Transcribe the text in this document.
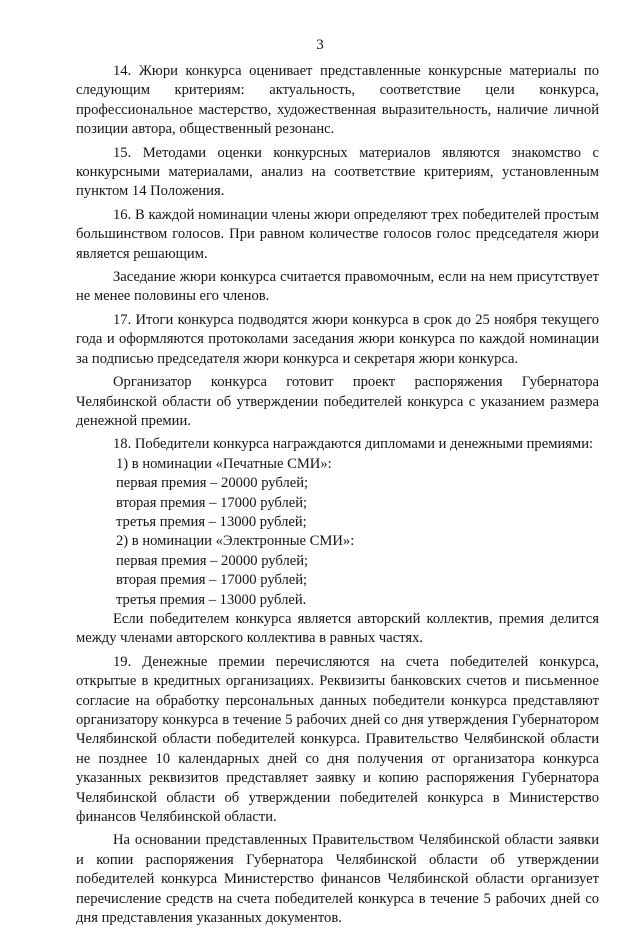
3
14. Жюри конкурса оценивает представленные конкурсные материалы по следующим критериям: актуальность, соответствие цели конкурса, профессиональное мастерство, художественная выразительность, наличие личной позиции автора, общественный резонанс.
15. Методами оценки конкурсных материалов являются знакомство с конкурсными материалами, анализ на соответствие критериям, установленным пунктом 14 Положения.
16. В каждой номинации члены жюри определяют трех победителей простым большинством голосов. При равном количестве голосов голос председателя жюри является решающим.
Заседание жюри конкурса считается правомочным, если на нем присутствует не менее половины его членов.
17. Итоги конкурса подводятся жюри конкурса в срок до 25 ноября текущего года и оформляются протоколами заседания жюри конкурса по каждой номинации за подписью председателя жюри конкурса и секретаря жюри конкурса.
Организатор конкурса готовит проект распоряжения Губернатора Челябинской области об утверждении победителей конкурса с указанием размера денежной премии.
18. Победители конкурса награждаются дипломами и денежными премиями:
1) в номинации «Печатные СМИ»:
первая премия – 20000 рублей;
вторая премия – 17000 рублей;
третья премия – 13000 рублей;
2) в номинации «Электронные СМИ»:
первая премия – 20000 рублей;
вторая премия – 17000 рублей;
третья премия – 13000 рублей.
Если победителем конкурса является авторский коллектив, премия делится между членами авторского коллектива в равных частях.
19. Денежные премии перечисляются на счета победителей конкурса, открытые в кредитных организациях. Реквизиты банковских счетов и письменное согласие на обработку персональных данных победители конкурса представляют организатору конкурса в течение 5 рабочих дней со дня утверждения Губернатором Челябинской области победителей конкурса. Правительство Челябинской области не позднее 10 календарных дней со дня получения от организатора конкурса указанных реквизитов представляет заявку и копию распоряжения Губернатора Челябинской области об утверждении победителей конкурса в Министерство финансов Челябинской области.
На основании представленных Правительством Челябинской области заявки и копии распоряжения Губернатора Челябинской области об утверждении победителей конкурса Министерство финансов Челябинской области организует перечисление средств на счета победителей конкурса в течение 5 рабочих дней со дня представления указанных документов.
